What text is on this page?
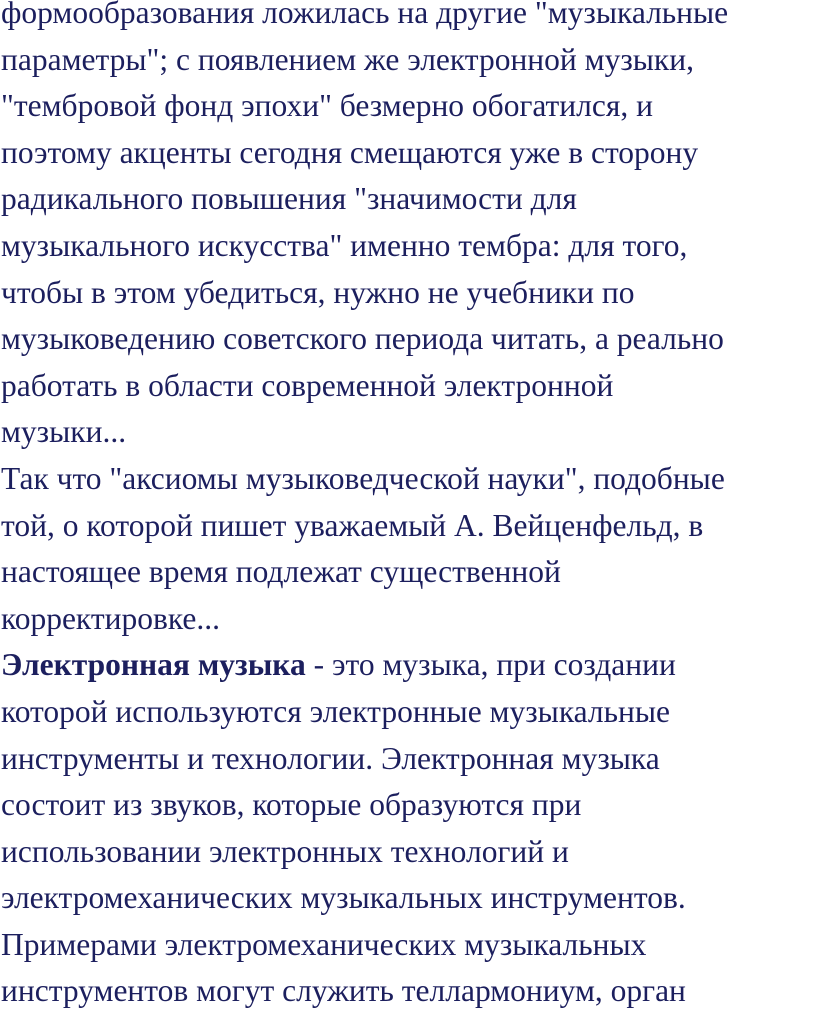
формообразования ложилась на другие "музыкальные
параметры"; с появлением же электронной музыки,
"тембровой фонд эпохи" безмерно обогатился, и
поэтому акценты сегодня смещаются уже в сторону
радикального повышения "значимости для
музыкального искусства" именно тембра: для того,
чтобы в этом убедиться, нужно не учебники по
музыковедению советского периода читать, а реально
работать в области современной электронной
музыки...

Так что "аксиомы музыковедческой науки", подобные
той, о которой пишет уважаемый А. Вейценфельд, в
настоящее время подлежат существенной
корректировке...

Электронная музыка - это музыка, при создании
которой используются электронные музыкальные
инструменты и технологии. Электронная музыка
состоит из звуков, которые образуются при
использовании электронных технологий и
электромеханических музыкальных инструментов.
Примерами электромеханических музыкальных
инструментов могут служить теллармониум, орган
